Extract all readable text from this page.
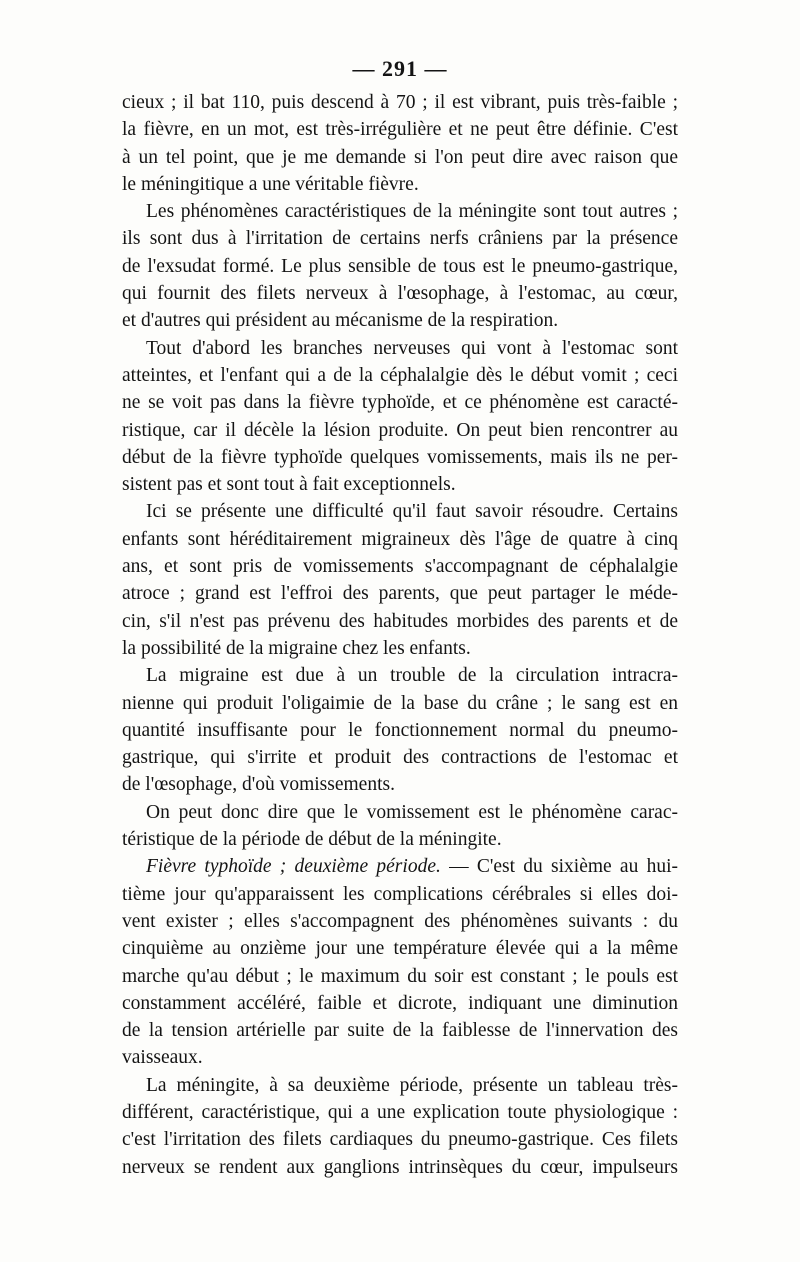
— 291 —
cieux ; il bat 110, puis descend à 70 ; il est vibrant, puis très-faible ;
la fièvre, en un mot, est très-irrégulière et ne peut être définie. C'est
à un tel point, que je me demande si l'on peut dire avec raison que
le méningitique a une véritable fièvre.
Les phénomènes caractéristiques de la méningite sont tout autres ;
ils sont dus à l'irritation de certains nerfs crâniens par la présence
de l'exsudat formé. Le plus sensible de tous est le pneumo-gastrique,
qui fournit des filets nerveux à l'œsophage, à l'estomac, au cœur,
et d'autres qui président au mécanisme de la respiration.
Tout d'abord les branches nerveuses qui vont à l'estomac sont
atteintes, et l'enfant qui a de la céphalalgie dès le début vomit ; ceci
ne se voit pas dans la fièvre typhoïde, et ce phénomène est caracté-
ristique, car il décèle la lésion produite. On peut bien rencontrer au
début de la fièvre typhoïde quelques vomissements, mais ils ne per-
sistent pas et sont tout à fait exceptionnels.
Ici se présente une difficulté qu'il faut savoir résoudre. Certains
enfants sont héréditairement migraineux dès l'âge de quatre à cinq
ans, et sont pris de vomissements s'accompagnant de céphalalgie
atroce ; grand est l'effroi des parents, que peut partager le méde-
cin, s'il n'est pas prévenu des habitudes morbides des parents et de
la possibilité de la migraine chez les enfants.
La migraine est due à un trouble de la circulation intracra-
nienne qui produit l'oligaimie de la base du crâne ; le sang est en
quantité insuffisante pour le fonctionnement normal du pneumo-
gastrique, qui s'irrite et produit des contractions de l'estomac et
de l'œsophage, d'où vomissements.
On peut donc dire que le vomissement est le phénomène carac-
téristique de la période de début de la méningite.
Fièvre typhoïde ; deuxième période. — C'est du sixième au hui-
tième jour qu'apparaissent les complications cérébrales si elles doi-
vent exister ; elles s'accompagnent des phénomènes suivants : du
cinquième au onzième jour une température élevée qui a la même
marche qu'au début ; le maximum du soir est constant ; le pouls est
constamment accéléré, faible et dicrote, indiquant une diminution
de la tension artérielle par suite de la faiblesse de l'innervation des
vaisseaux.
La méningite, à sa deuxième période, présente un tableau très-
différent, caractéristique, qui a une explication toute physiologique :
c'est l'irritation des filets cardiaques du pneumo-gastrique. Ces filets
nerveux se rendent aux ganglions intrinsèques du cœur, impulseurs
